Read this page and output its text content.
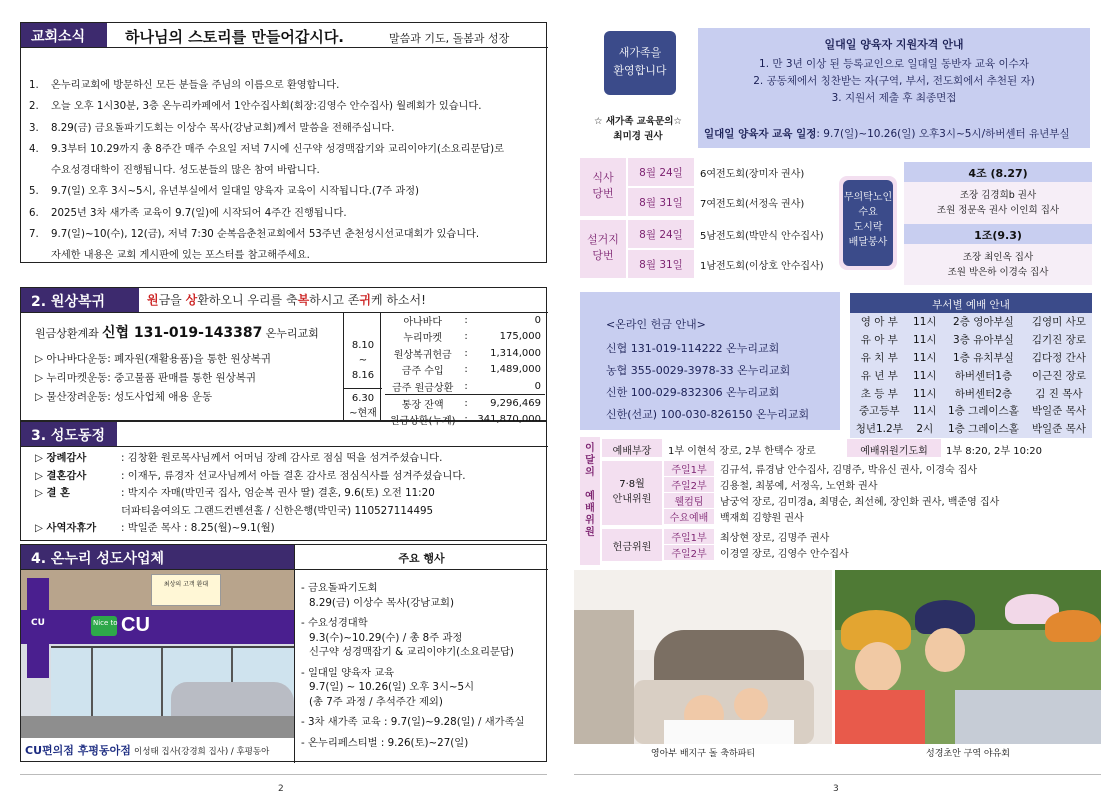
교회소식	하나님의 스토리를 만들어갑시다.	말씀과 기도, 돌봄과 성장
1. 온누리교회에 방문하신 모든 분들을 주님의 이름으로 환영합니다.
2. 오늘 오후 1시30분, 3층 온누리카페에서 1안수집사회(회장:김영수 안수집사) 월례회가 있습니다.
3. 8.29(금) 금요돌파기도회는 이상수 목사(강남교회)께서 말씀을 전해주십니다.
4. 9.3부터 10.29까지 총 8주간 매주 수요일 저녁 7시에 신구약 성경맥잡기와 교리이야기(소요리문답)로
수요성경대학이 진행됩니다. 성도분들의 많은 참여 바랍니다.
5. 9.7(일) 오후 3시~5시, 유년부실에서 일대일 양육자 교육이 시작됩니다.(7주 과정)
6. 2025년 3차 새가족 교육이 9.7(일)에 시작되어 4주간 진행됩니다.
7. 9.7(일)~10(수), 12(금), 저녁 7:30 순복음춘천교회에서 53주년 춘천성시선교대회가 있습니다.
자세한 내용은 교회 게시판에 있는 포스터를 참고해주세요.
2. 원상복귀	원금을 상환하오니 우리를 축복하시고 존귀케 하소서!
원금상환계좌 신협 131-019-143387 온누리교회
▷ 아나바다운동: 폐자원(재활용품)을 통한 원상복귀
▷ 누리마켓운동: 중고물품 판매를 통한 원상복귀
▷ 물산장려운동: 성도사업체 애용 운동
8.10
~
8.16
6.30
~현재
아나바다	:	0
누리마켓	:	175,000
원상복귀헌금	:	1,314,000
금주 수입	:	1,489,000
금주 원금상환	:	0
통장 잔액	:	9,296,469
원금상환(누계)	:	341,870,000
3. 성도동정
▷ 장례감사	: 김창환 원로목사님께서 어머님 장례 감사로 점심 떡을 섬겨주셨습니다.
▷ 결혼감사	: 이재두, 류경자 선교사님께서 아들 결혼 감사로 점심식사를 섬겨주셨습니다.
▷ 결 혼	: 박지수 자매(박민국 집사, 엄순복 권사 딸) 결혼, 9.6(토) 오전 11:20
더파티움여의도 그랜드컨벤션홀 / 신한은행(박민국) 110527114495
▷ 사역자휴가 : 박일준 목사 : 8.25(월)~9.1(월)
4. 온누리 성도사업체	주요 행사
CU
Nice to
CU
최상의 고객 환대
CU편의점 후평동아점 이성태 집사(강경희 집사) / 후평동아
- 금요돌파기도회
8.29(금) 이상수 목사(강남교회)
- 수요성경대학
9.3(수)~10.29(수) / 총 8주 과정
신구약 성경맥잡기 & 교리이야기(소요리문답)
- 일대일 양육자 교육
9.7(일) ~ 10.26(일) 오후 3시~5시
(총 7주 과정 / 추석주간 제외)
- 3차 새가족 교육 : 9.7(일)~9.28(일) / 새가족실
- 온누리페스티벌 : 9.26(토)~27(일)
2
새가족을
환영합니다
☆ 새가족 교육문의☆
최미경 권사
일대일 양육자 지원자격 안내
1. 만 3년 이상 된 등록교인으로 일대일 동반자 교육 이수자
2. 공동체에서 칭찬받는 자(구역, 부서, 전도회에서 추천된 자)
3. 지원서 제출 후 최종면접
일대일 양육자 교육 일정: 9.7(일)~10.26(일) 오후3시~5시/하버센터 유년부실
식사
당번
8월 24일	6여전도회(장미자 권사)
8월 31일	7여전도회(서정옥 권사)
설거지
당번
8월 24일	5남전도회(박만식 안수집사)
8월 31일	1남전도회(이상호 안수집사)
무의탁노인
수요
도시락
배달봉사
4조 (8.27)
조장 김경희b 권사
조원 정문옥 권사 이인희 집사
1조(9.3)
조장 최인옥 집사
조원 박은하 이경숙 집사
<온라인 헌금 안내>
신협 131-019-114222 온누리교회
농협 355-0029-3978-33 온누리교회
신한 100-029-832306 온누리교회
신한(선교) 100-030-826150 온누리교회
부서별 예배 안내
영 아 부	11시	2층 영아부실	김영미 사모
유 아 부	11시	3층 유아부실	김기진 장로
유 치 부	11시	1층 유치부실	김다정 간사
유 년 부	11시	하버센터1층	이근진 장로
초 등 부	11시	하버센터2층	김 진 목사
중고등부	11시	1층 그레이스홀	박일준 목사
청년1.2부	2시	1층 그레이스홀	박일준 목사
이
달
의

예
배
위
원
예배부장	1부 이현석 장로, 2부 한택수 장로	예배위원기도회	1부 8:20, 2부 10:20
7·8월
안내위원
주일1부 김규석, 류경남 안수집사, 김명주, 박유신 권사, 이경숙 집사
주일2부 김용철, 최봉예, 서정옥, 노연화 권사
웰컴팀 남궁억 장로, 김미경a, 최명순, 최선혜, 장인화 권사, 백준영 집사
수요예배 백재희 김향원 권사
헌금위원
주일1부 최상현 장로, 김명주 권사
주일2부 이경열 장로, 김영수 안수집사
영아부 배지구 돌 축하파티	성경초안 구역 야유회
3
